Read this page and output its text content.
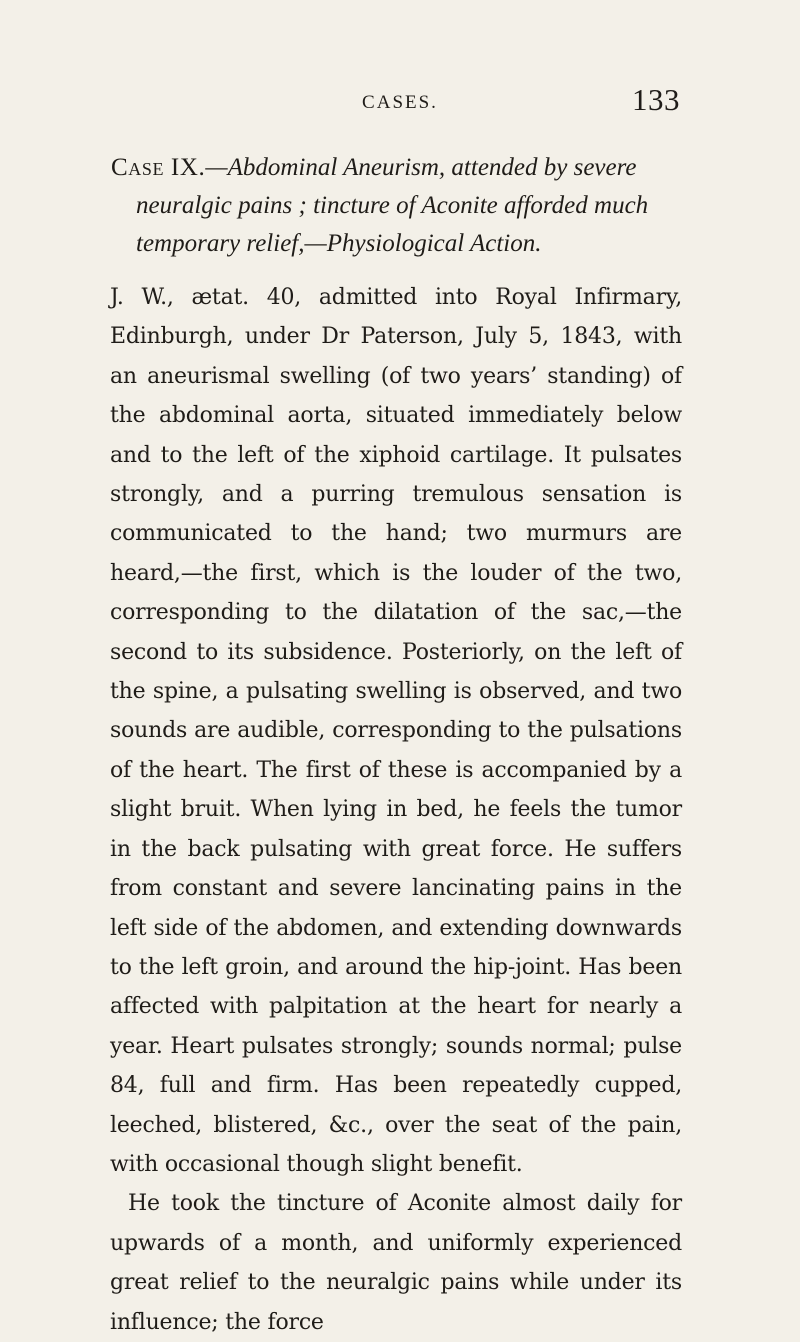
CASES.	133
Case IX.—Abdominal Aneurism, attended by severe
neuralgic pains ; tincture of Aconite afforded much
temporary relief,—Physiological Action.

J. W., ætat. 40, admitted into Royal Infirmary, Edinburgh, under Dr Paterson, July 5, 1843, with an aneurismal swelling (of two years’ standing) of the abdominal aorta, situated immediately below and to the left of the xiphoid cartilage. It pulsates strongly, and a purring tremulous sensation is communicated to the hand; two murmurs are heard,—the first, which is the louder of the two, corresponding to the dilatation of the sac,—the second to its subsidence. Posteriorly, on the left of the spine, a pulsating swelling is observed, and two sounds are audible, corresponding to the pulsations of the heart. The first of these is accompanied by a slight bruit. When lying in bed, he feels the tumor in the back pulsating with great force. He suffers from constant and severe lancinating pains in the left side of the abdomen, and extending downwards to the left groin, and around the hip-joint. Has been affected with palpitation at the heart for nearly a year. Heart pulsates strongly; sounds normal; pulse 84, full and firm. Has been repeatedly cupped, leeched, blistered, &c., over the seat of the pain, with occasional though slight benefit.

He took the tincture of Aconite almost daily for upwards of a month, and uniformly experienced great relief to the neuralgic pains while under its influence; the force
